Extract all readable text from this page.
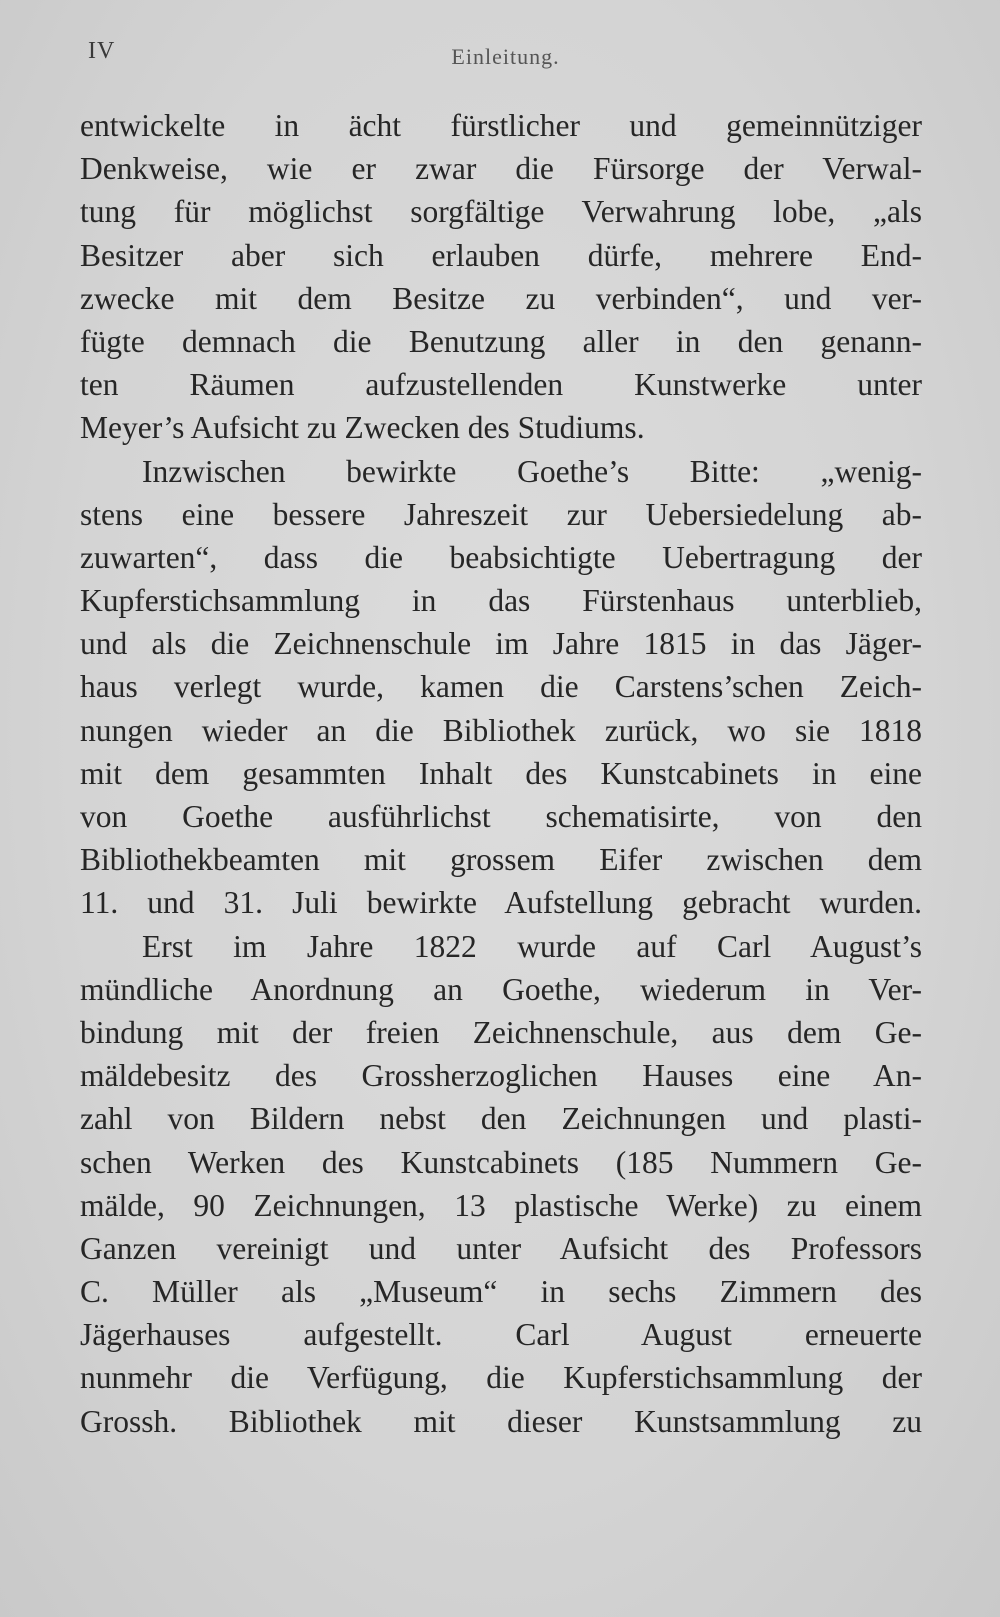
IV	Einleitung.
entwickelte in ächt fürstlicher und gemeinnütziger
Denkweise, wie er zwar die Fürsorge der Verwal-
tung für möglichst sorgfältige Verwahrung lobe, „als
Besitzer aber sich erlauben dürfe, mehrere End-
zwecke mit dem Besitze zu verbinden“, und ver-
fügte demnach die Benutzung aller in den genann-
ten Räumen aufzustellenden Kunstwerke unter
Meyer’s Aufsicht zu Zwecken des Studiums.
Inzwischen bewirkte Goethe’s Bitte: „wenig-
stens eine bessere Jahreszeit zur Uebersiedelung ab-
zuwarten“, dass die beabsichtigte Uebertragung der
Kupferstichsammlung in das Fürstenhaus unterblieb,
und als die Zeichnenschule im Jahre 1815 in das Jäger-
haus verlegt wurde, kamen die Carstens’schen Zeich-
nungen wieder an die Bibliothek zurück, wo sie 1818
mit dem gesammten Inhalt des Kunstcabinets in eine
von Goethe ausführlichst schematisirte, von den
Bibliothekbeamten mit grossem Eifer zwischen dem
11. und 31. Juli bewirkte Aufstellung gebracht wurden.
Erst im Jahre 1822 wurde auf Carl August’s
mündliche Anordnung an Goethe, wiederum in Ver-
bindung mit der freien Zeichnenschule, aus dem Ge-
mäldebesitz des Grossherzoglichen Hauses eine An-
zahl von Bildern nebst den Zeichnungen und plasti-
schen Werken des Kunstcabinets (185 Nummern Ge-
mälde, 90 Zeichnungen, 13 plastische Werke) zu einem
Ganzen vereinigt und unter Aufsicht des Professors
C. Müller als „Museum“ in sechs Zimmern des
Jägerhauses aufgestellt. Carl August erneuerte
nunmehr die Verfügung, die Kupferstichsammlung der
Grossh. Bibliothek mit dieser Kunstsammlung zu
